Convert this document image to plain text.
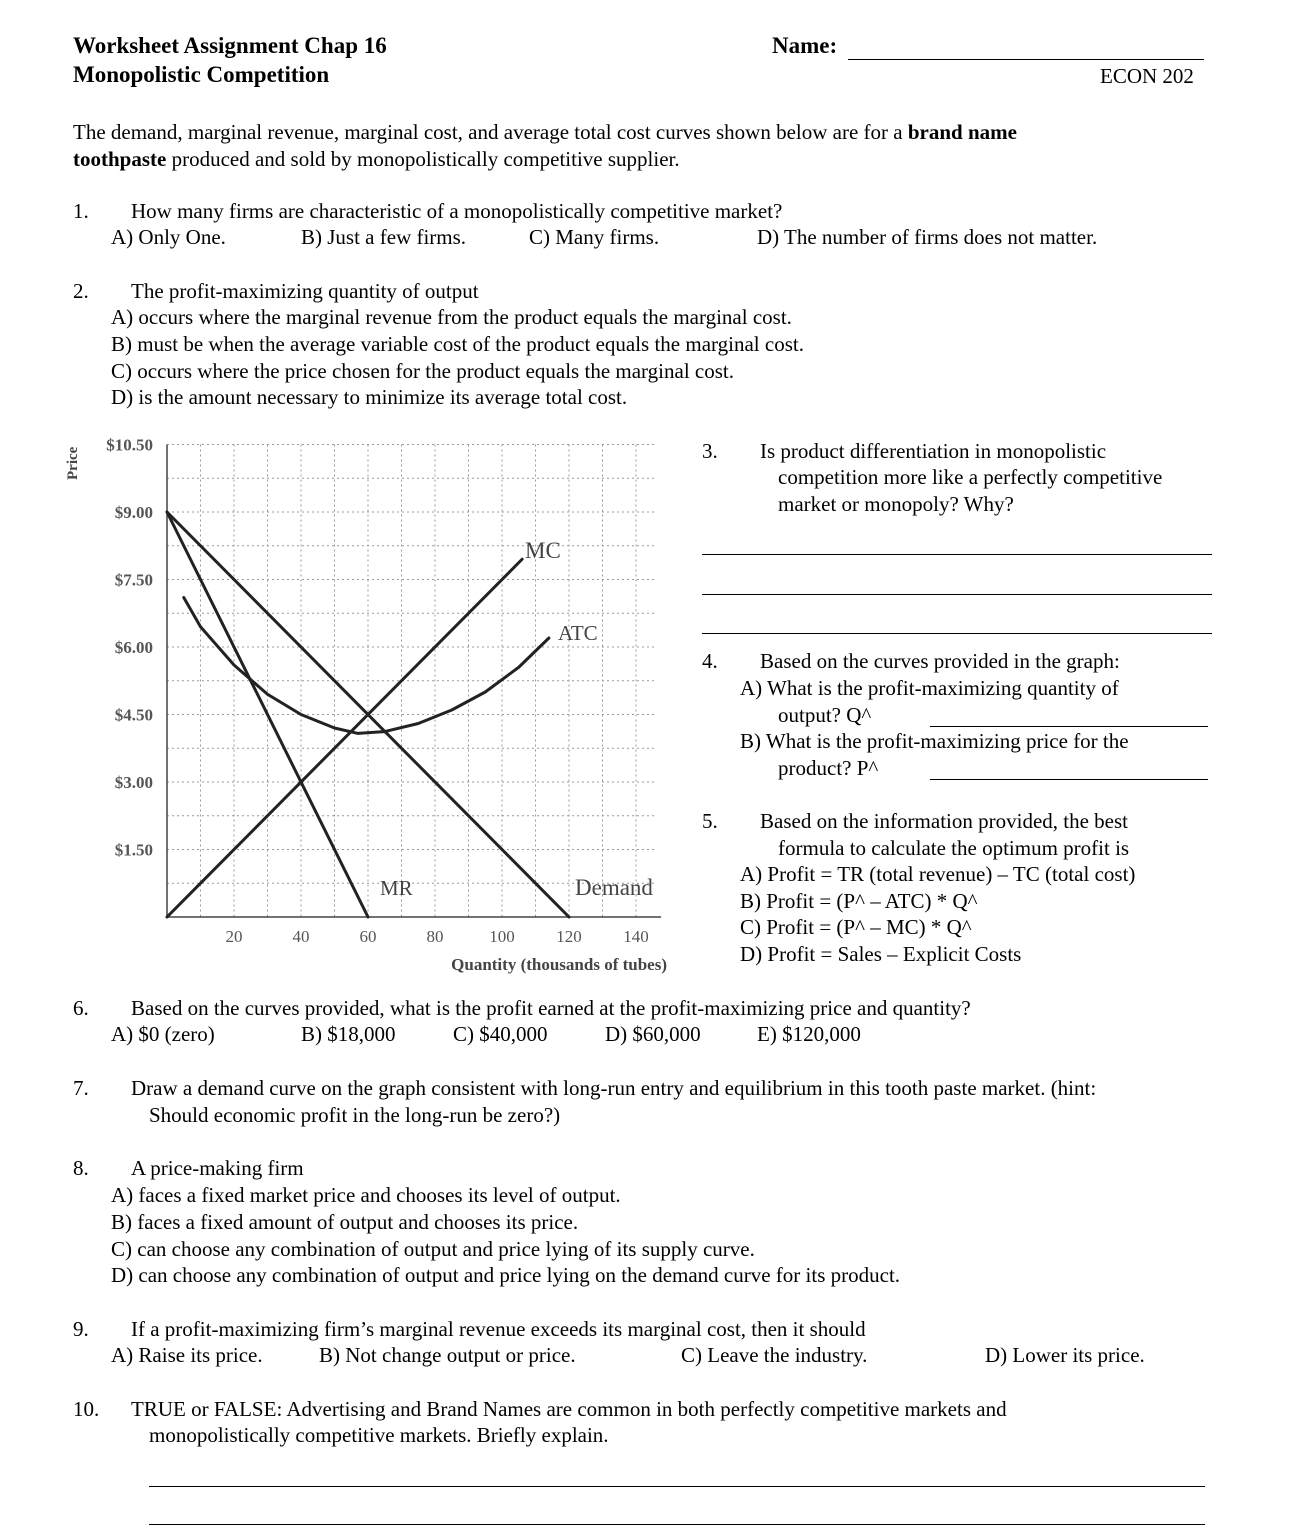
Worksheet Assignment Chap 16
Monopolistic Competition
Name:
ECON 202
The demand, marginal revenue, marginal cost, and average total cost curves shown below are for a brand name
toothpaste produced and sold by monopolistically competitive supplier.
1. How many firms are characteristic of a monopolistically competitive market?
A) Only One.	B) Just a few firms.	C) Many firms.	D) The number of firms does not matter.
2. The profit-maximizing quantity of output
A) occurs where the marginal revenue from the product equals the marginal cost.
B) must be when the average variable cost of the product equals the marginal cost.
C) occurs where the price chosen for the product equals the marginal cost.
D) is the amount necessary to minimize its average total cost.
$10.50
$9.00
$7.50
$6.00
$4.50
$3.00
$1.50
20	40	60	80	100 120 140
Price
Quantity (thousands of tubes)
MC
ATC
MR	Demand
3. Is product differentiation in monopolistic
competition more like a perfectly competitive
market or monopoly? Why?
4. Based on the curves provided in the graph:
A) What is the profit-maximizing quantity of
output? Q^
B) What is the profit-maximizing price for the
product? P^
5. Based on the information provided, the best
formula to calculate the optimum profit is
A) Profit = TR (total revenue) – TC (total cost)
B) Profit = (P^ – ATC) * Q^
C) Profit = (P^ – MC) * Q^
D) Profit = Sales – Explicit Costs
6. Based on the curves provided, what is the profit earned at the profit-maximizing price and quantity?
A) $0 (zero)	B) $18,000	C) $40,000	D) $60,000	E) $120,000
7. Draw a demand curve on the graph consistent with long-run entry and equilibrium in this tooth paste market. (hint:
Should economic profit in the long-run be zero?)
8. A price-making firm
A) faces a fixed market price and chooses its level of output.
B) faces a fixed amount of output and chooses its price.
C) can choose any combination of output and price lying of its supply curve.
D) can choose any combination of output and price lying on the demand curve for its product.
9. If a profit-maximizing firm’s marginal revenue exceeds its marginal cost, then it should
A) Raise its price.	B) Not change output or price.	C) Leave the industry.	D) Lower its price.
10. TRUE or FALSE: Advertising and Brand Names are common in both perfectly competitive markets and
monopolistically competitive markets. Briefly explain.
